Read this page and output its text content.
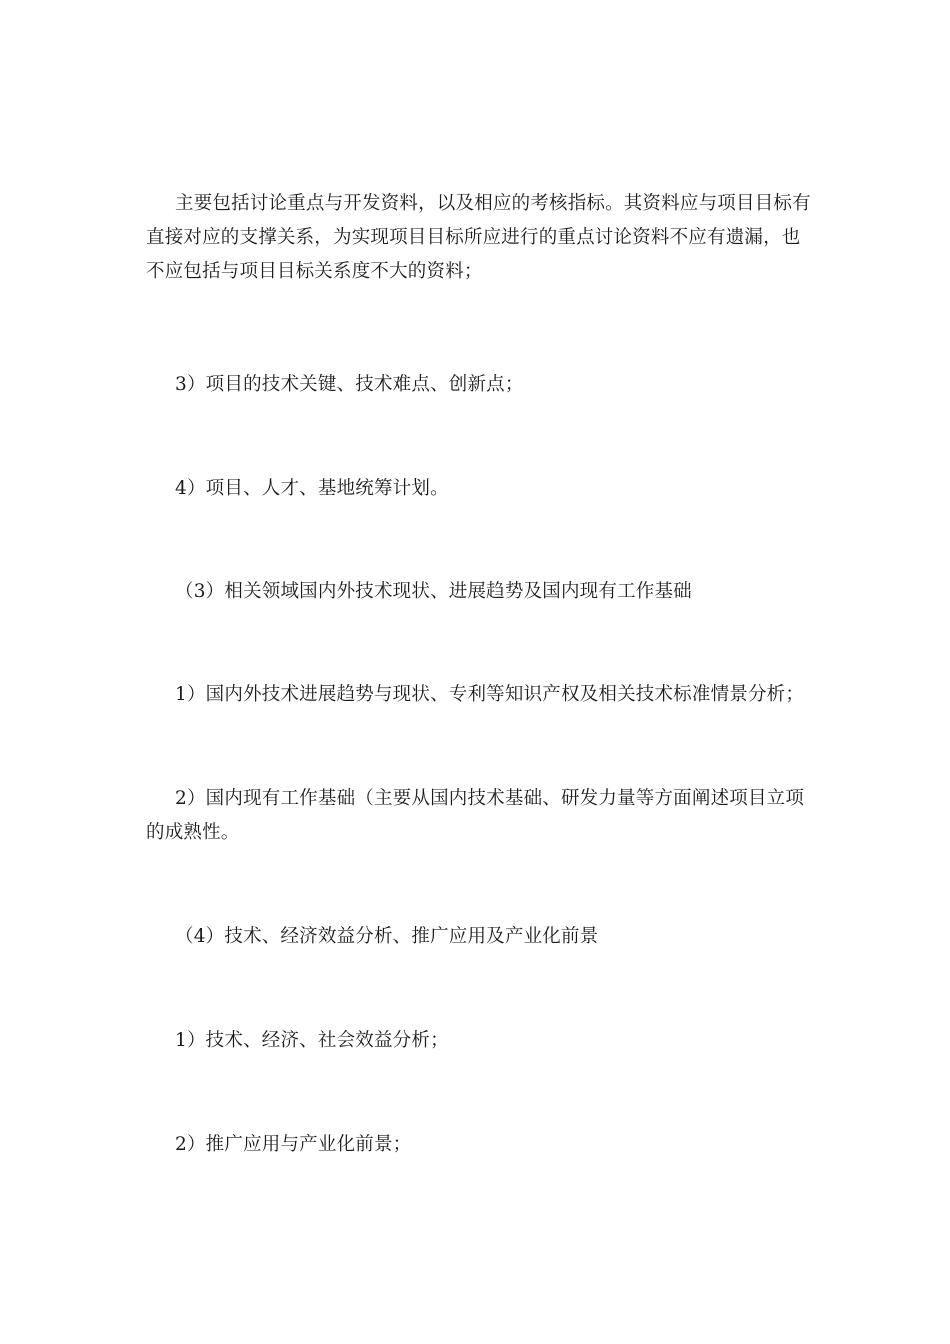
主要包括讨论重点与开发资料，以及相应的考核指标。其资料应与项目目标有直接对应的支撑关系，为实现项目目标所应进行的重点讨论资料不应有遗漏，也不应包括与项目目标关系度不大的资料；

3）项目的技术关键、技术难点、创新点；

4）项目、人才、基地统筹计划。

（3）相关领域国内外技术现状、进展趋势及国内现有工作基础

1）国内外技术进展趋势与现状、专利等知识产权及相关技术标准情景分析；

2）国内现有工作基础（主要从国内技术基础、研发力量等方面阐述项目立项的成熟性。

（4）技术、经济效益分析、推广应用及产业化前景

1）技术、经济、社会效益分析；

2）推广应用与产业化前景；
